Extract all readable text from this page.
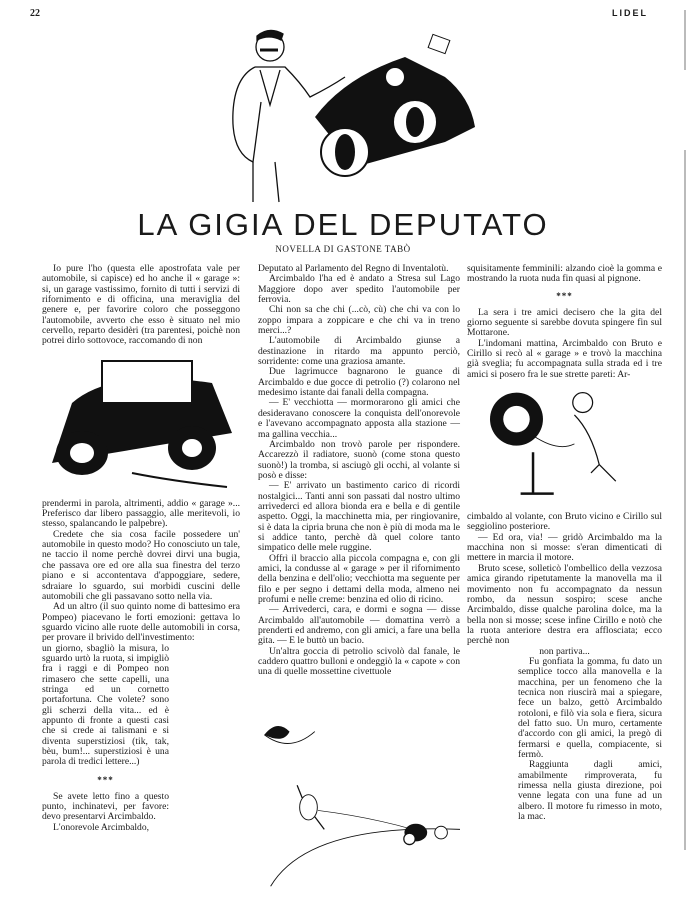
22	LIDEL
LA GIGIA DEL DEPUTATO
NOVELLA DI GASTONE TABÒ

Io pure l'ho (questa elle apostrofata vale per automobile, si capisce) ed ho anche il « garage »: si, un garage vastissimo, fornito di tutti i servizi di rifornimento e di officina, una meraviglia del genere e, per favorire coloro che posseggono l'automobile, avverto che esso è situato nel mio cervello, reparto desidèri (tra parentesi, poichè non potrei dirlo sottovoce, raccomando di non

prendermi in parola, altrimenti, addio « garage »... Preferisco dar libero passaggio, alle meritevoli, io stesso, spalancando le palpebre).

Credete che sia cosa facile possedere un' automobile in questo modo? Ho conosciuto un tale, ne taccio il nome perchè dovrei dirvi una bugia, che passava ore ed ore alla sua finestra del terzo piano e si accontentava d'appoggiare, sedere, sdraiare lo sguardo, sui morbidi cuscini delle automobili che gli passavano sotto nella via.

Ad un altro (il suo quinto nome di battesimo era Pompeo) piacevano le forti emozioni: gettava lo sguardo vicino alle ruote delle automobili in corsa, per provare il brivido dell'investimento:

un giorno, sbagliò la misura, lo sguardo urtò la ruota, si impigliò fra i raggi e di Pompeo non rimasero che sette capelli, una stringa ed un cornetto portafortuna. Che volete? sono gli scherzi della vita... ed è appunto di fronte a questi casi che si crede ai talismani e si diventa superstiziosi (tik, tak, bèu, bum!... superstiziosi è una parola di tredici lettere...)

***

Se avete letto fino a questo punto, inchinatevi, per favore: devo presentarvi Arcimbaldo.

L'onorevole Arcimbaldo,

Deputato al Parlamento del Regno di Inventalotù.

Arcimbaldo l'ha ed è andato a Stresa sul Lago Maggiore dopo aver spedito l'automobile per ferrovia.

Chi non sa che chi (...cò, cù) che chi va con lo zoppo impara a zoppicare e che chi va in treno merci...?

L'automobile di Arcimbaldo giunse a destinazione in ritardo ma appunto perciò, sorridente: come una graziosa amante.

Due lagrimucce bagnarono le guance di Arcimbaldo e due gocce di petrolio (?) colarono nel medesimo istante dai fanali della compagna.

— E' vecchiotta — mormorarono gli amici che desideravano conoscere la conquista dell'onorevole e l'avevano accompagnato apposta alla stazione — ma gallina vecchia...

Arcimbaldo non trovò parole per rispondere. Accarezzò il radiatore, suonò (come stona questo suonò!) la tromba, si asciugò gli occhi, al volante si posò e disse:

— E' arrivato un bastimento carico di ricordi nostalgici... Tanti anni son passati dal nostro ultimo arrivederci ed allora bionda era e bella e di gentile aspetto. Oggi, la macchinetta mia, per ringiovanire, si è data la cipria bruna che non è più di moda ma le si addice tanto, perchè dà quel colore tanto simpatico delle mele ruggine.

Offrì il braccio alla piccola compagna e, con gli amici, la condusse al « garage » per il rifornimento della benzina e dell'olio; vecchiotta ma seguente per filo e per segno i dettami della moda, almeno nei profumi e nelle creme: benzina ed olio di ricino.

— Arrivederci, cara, e dormi e sogna — disse Arcimbaldo all'automobile — domattina verrò a prenderti ed andremo, con gli amici, a fare una bella gita. — E le buttò un bacio.

Un'altra goccia di petrolio scivolò dal fanale, le caddero quattro bulloni e ondeggiò la « capote » con una di quelle mossettine civettuole

squisitamente femminili: alzando cioè la gomma e mostrando la ruota nuda fin quasi al pignone.

***

La sera i tre amici decisero che la gita del giorno seguente si sarebbe dovuta spingere fin sul Mottarone.

L'indomani mattina, Arcimbaldo con Bruto e Cirillo si recò al « garage » e trovò la macchina già sveglia; fu accompagnata sulla strada ed i tre amici si posero fra le sue strette pareti: Ar-

cimbaldo al volante, con Bruto vicino e Cirillo sul seggiolino posteriore.

— Ed ora, via! — gridò Arcimbaldo ma la macchina non si mosse: s'eran dimenticati di mettere in marcia il motore.

Bruto scese, solleticò l'ombellico della vezzosa amica girando ripetutamente la manovella ma il movimento non fu accompagnato da nessun rombo, da nessun sospiro; scese anche Arcimbaldo, disse qualche parolina dolce, ma la bella non si mosse; scese infine Cirillo e notò che la ruota anteriore destra era afflosciata; ecco perchè non

non partiva...

Fu gonfiata la gomma, fu dato un semplice tocco alla manovella e la macchina, per un fenomeno che la tecnica non riuscirà mai a spiegare, fece un balzo, gettò Arcimbaldo rotoloni, e filò via sola e fiera, sicura del fatto suo. Un muro, certamente d'accordo con gli amici, la pregò di fermarsi e quella, compiacente, si fermò.

Raggiunta dagli amici, amabilmente rimproverata, fu rimessa nella giusta direzione, poi venne legata con una fune ad un albero. Il motore fu rimesso in moto, la mac.
